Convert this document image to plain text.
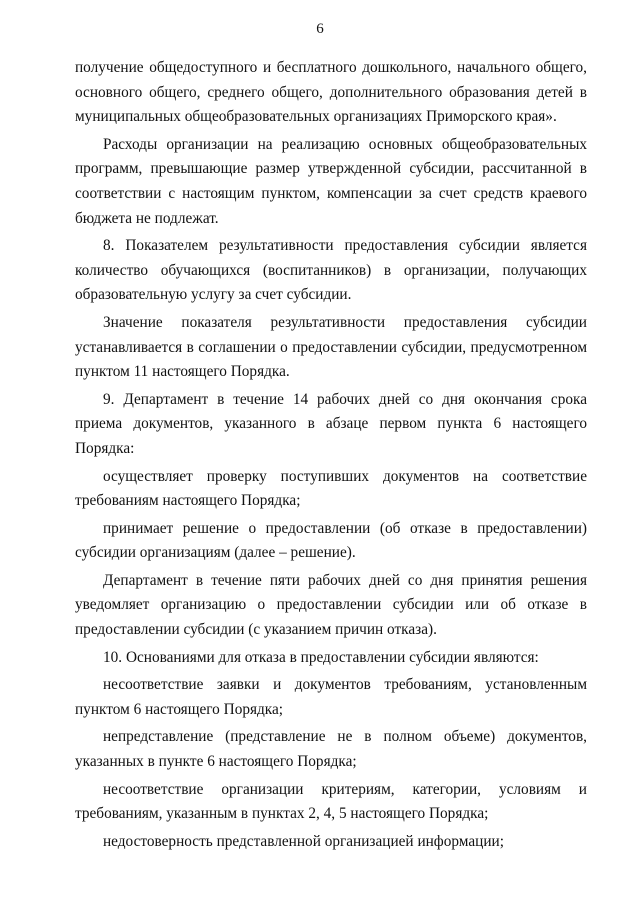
6

получение общедоступного и бесплатного дошкольного, начального общего, основного общего, среднего общего, дополнительного образования детей в муниципальных общеобразовательных организациях Приморского края».

Расходы организации на реализацию основных общеобразовательных программ, превышающие размер утвержденной субсидии, рассчитанной в соответствии с настоящим пунктом, компенсации за счет средств краевого бюджета не подлежат.

8. Показателем результативности предоставления субсидии является количество обучающихся (воспитанников) в организации, получающих образовательную услугу за счет субсидии.

Значение показателя результативности предоставления субсидии устанавливается в соглашении о предоставлении субсидии, предусмотренном пунктом 11 настоящего Порядка.

9. Департамент в течение 14 рабочих дней со дня окончания срока приема документов, указанного в абзаце первом пункта 6 настоящего Порядка:

осуществляет проверку поступивших документов на соответствие требованиям настоящего Порядка;

принимает решение о предоставлении (об отказе в предоставлении) субсидии организациям (далее – решение).

Департамент в течение пяти рабочих дней со дня принятия решения уведомляет организацию о предоставлении субсидии или об отказе в предоставлении субсидии (с указанием причин отказа).

10. Основаниями для отказа в предоставлении субсидии являются:

несоответствие заявки и документов требованиям, установленным пунктом 6 настоящего Порядка;

непредставление (представление не в полном объеме) документов, указанных в пункте 6 настоящего Порядка;

несоответствие организации критериям, категории, условиям и требованиям, указанным в пунктах 2, 4, 5 настоящего Порядка;

недостоверность представленной организацией информации;
